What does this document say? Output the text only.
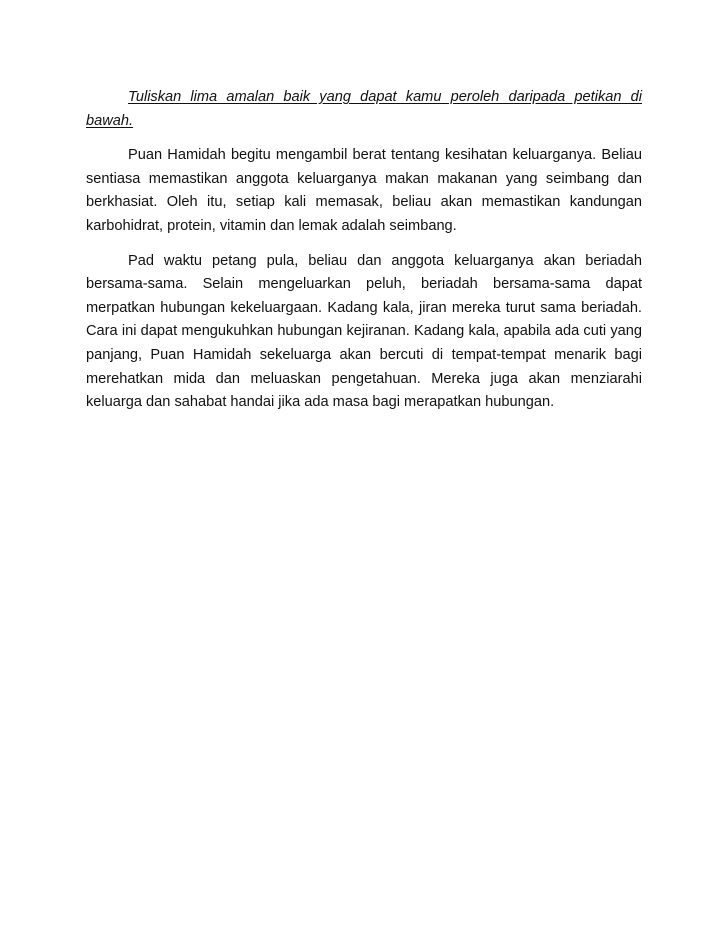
Tuliskan lima amalan baik yang dapat kamu peroleh daripada petikan di bawah.

Puan Hamidah begitu mengambil berat tentang kesihatan keluarganya. Beliau sentiasa memastikan anggota keluarganya makan makanan yang seimbang dan berkhasiat. Oleh itu, setiap kali memasak, beliau akan memastikan kandungan karbohidrat, protein, vitamin dan lemak adalah seimbang.

Pad waktu petang pula, beliau dan anggota keluarganya akan beriadah bersama-sama. Selain mengeluarkan peluh, beriadah bersama-sama dapat merpatkan hubungan kekeluargaan. Kadang kala, jiran mereka turut sama beriadah. Cara ini dapat mengukuhkan hubungan kejiranan. Kadang kala, apabila ada cuti yang panjang, Puan Hamidah sekeluarga akan bercuti di tempat-tempat menarik bagi merehatkan mida dan meluaskan pengetahuan. Mereka juga akan menziarahi keluarga dan sahabat handai jika ada masa bagi merapatkan hubungan.
